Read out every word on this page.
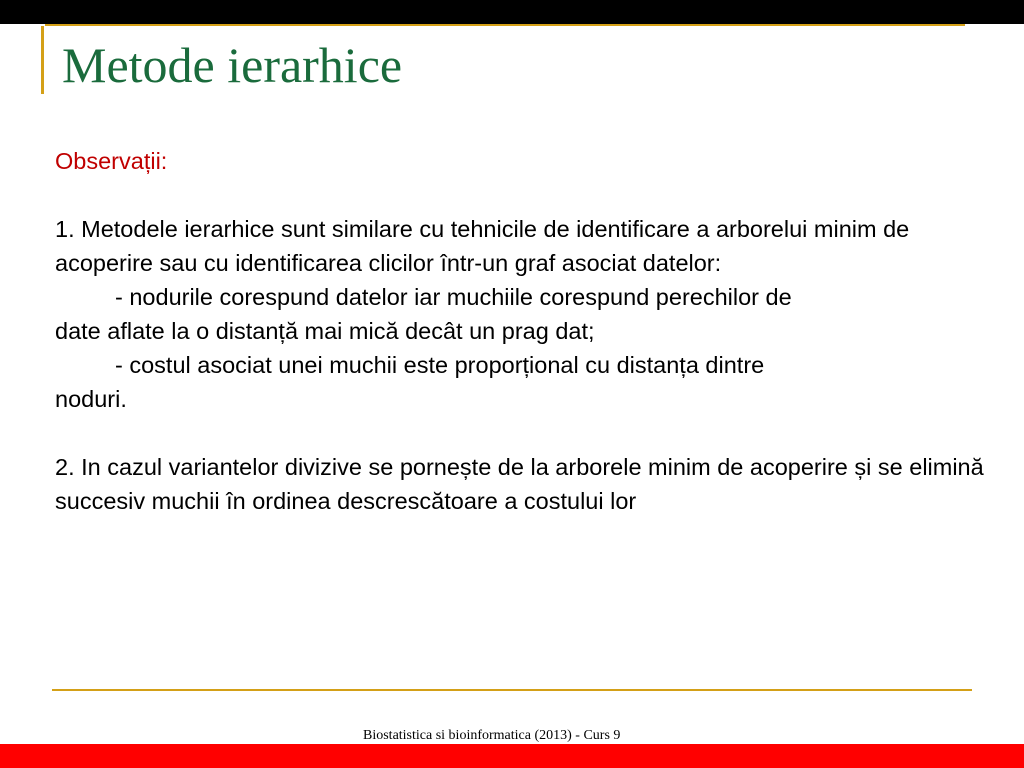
Metode ierarhice

Observații:

1. Metodele ierarhice sunt similare cu tehnicile de identificare a arborelui minim de acoperire sau cu identificarea clicilor într-un graf asociat datelor:

- nodurile corespund datelor iar muchiile corespund perechilor de

date aflate la o distanță mai mică decât un prag dat;

- costul asociat unei muchii este proporțional cu distanța dintre

noduri.

2. In cazul variantelor divizive se pornește de la arborele minim de acoperire și se elimină succesiv muchii în ordinea descrescătoare a costului lor

Biostatistica si bioinformatica (2013) - Curs 9
